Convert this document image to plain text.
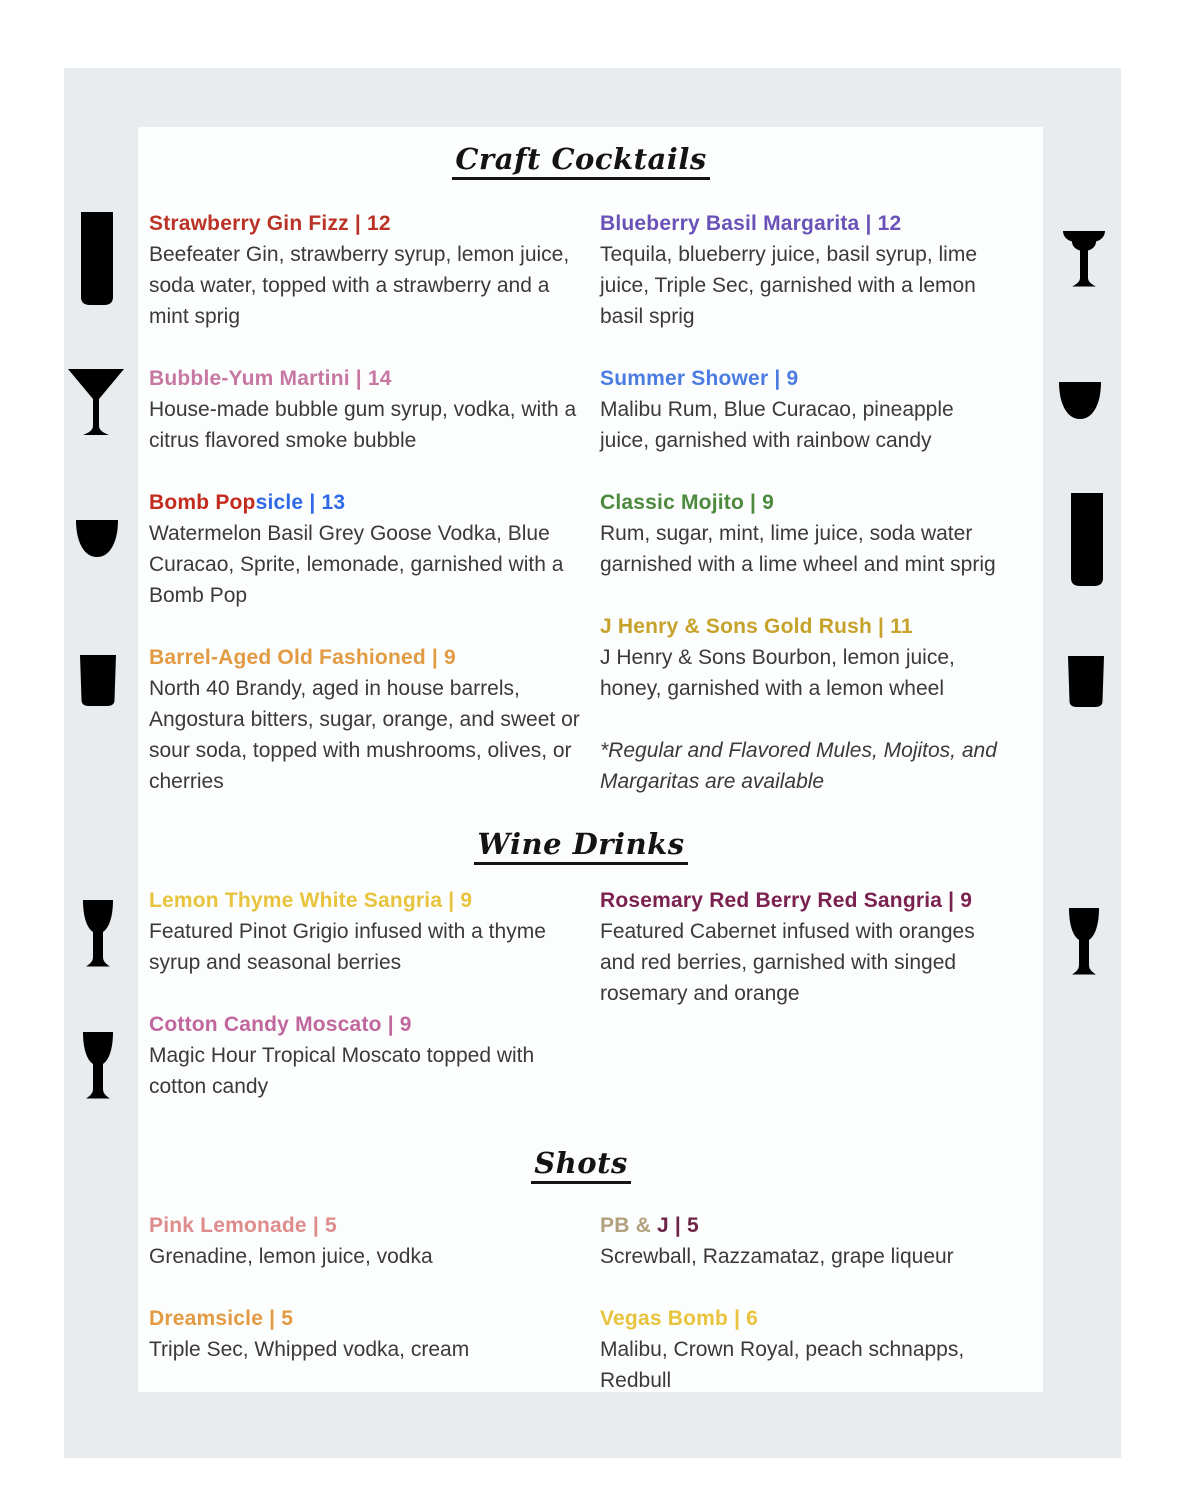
Craft Cocktails
Strawberry Gin Fizz | 12
Beefeater Gin, strawberry syrup, lemon juice, soda water, topped with a strawberry and a mint sprig
Bubble-Yum Martini | 14
House-made bubble gum syrup, vodka, with a citrus flavored smoke bubble
Bomb Popsicle | 13
Watermelon Basil Grey Goose Vodka, Blue Curacao, Sprite, lemonade, garnished with a Bomb Pop
Barrel-Aged Old Fashioned | 9
North 40 Brandy, aged in house barrels, Angostura bitters, sugar, orange, and sweet or sour soda, topped with mushrooms, olives, or cherries
Blueberry Basil Margarita | 12
Tequila, blueberry juice, basil syrup, lime juice, Triple Sec, garnished with a lemon basil sprig
Summer Shower | 9
Malibu Rum, Blue Curacao, pineapple juice, garnished with rainbow candy
Classic Mojito | 9
Rum, sugar, mint, lime juice, soda water garnished with a lime wheel and mint sprig
J Henry & Sons Gold Rush | 11
J Henry & Sons Bourbon, lemon juice, honey, garnished with a lemon wheel
*Regular and Flavored Mules, Mojitos, and Margaritas are available
Wine Drinks
Lemon Thyme White Sangria | 9
Featured Pinot Grigio infused with a thyme syrup and seasonal berries
Cotton Candy Moscato | 9
Magic Hour Tropical Moscato topped with cotton candy
Rosemary Red Berry Red Sangria | 9
Featured Cabernet infused with oranges and red berries, garnished with singed rosemary and orange
Shots
Pink Lemonade | 5
Grenadine, lemon juice, vodka
Dreamsicle | 5
Triple Sec, Whipped vodka, cream
PB & J | 5
Screwball, Razzamataz, grape liqueur
Vegas Bomb | 6
Malibu, Crown Royal, peach schnapps, Redbull
